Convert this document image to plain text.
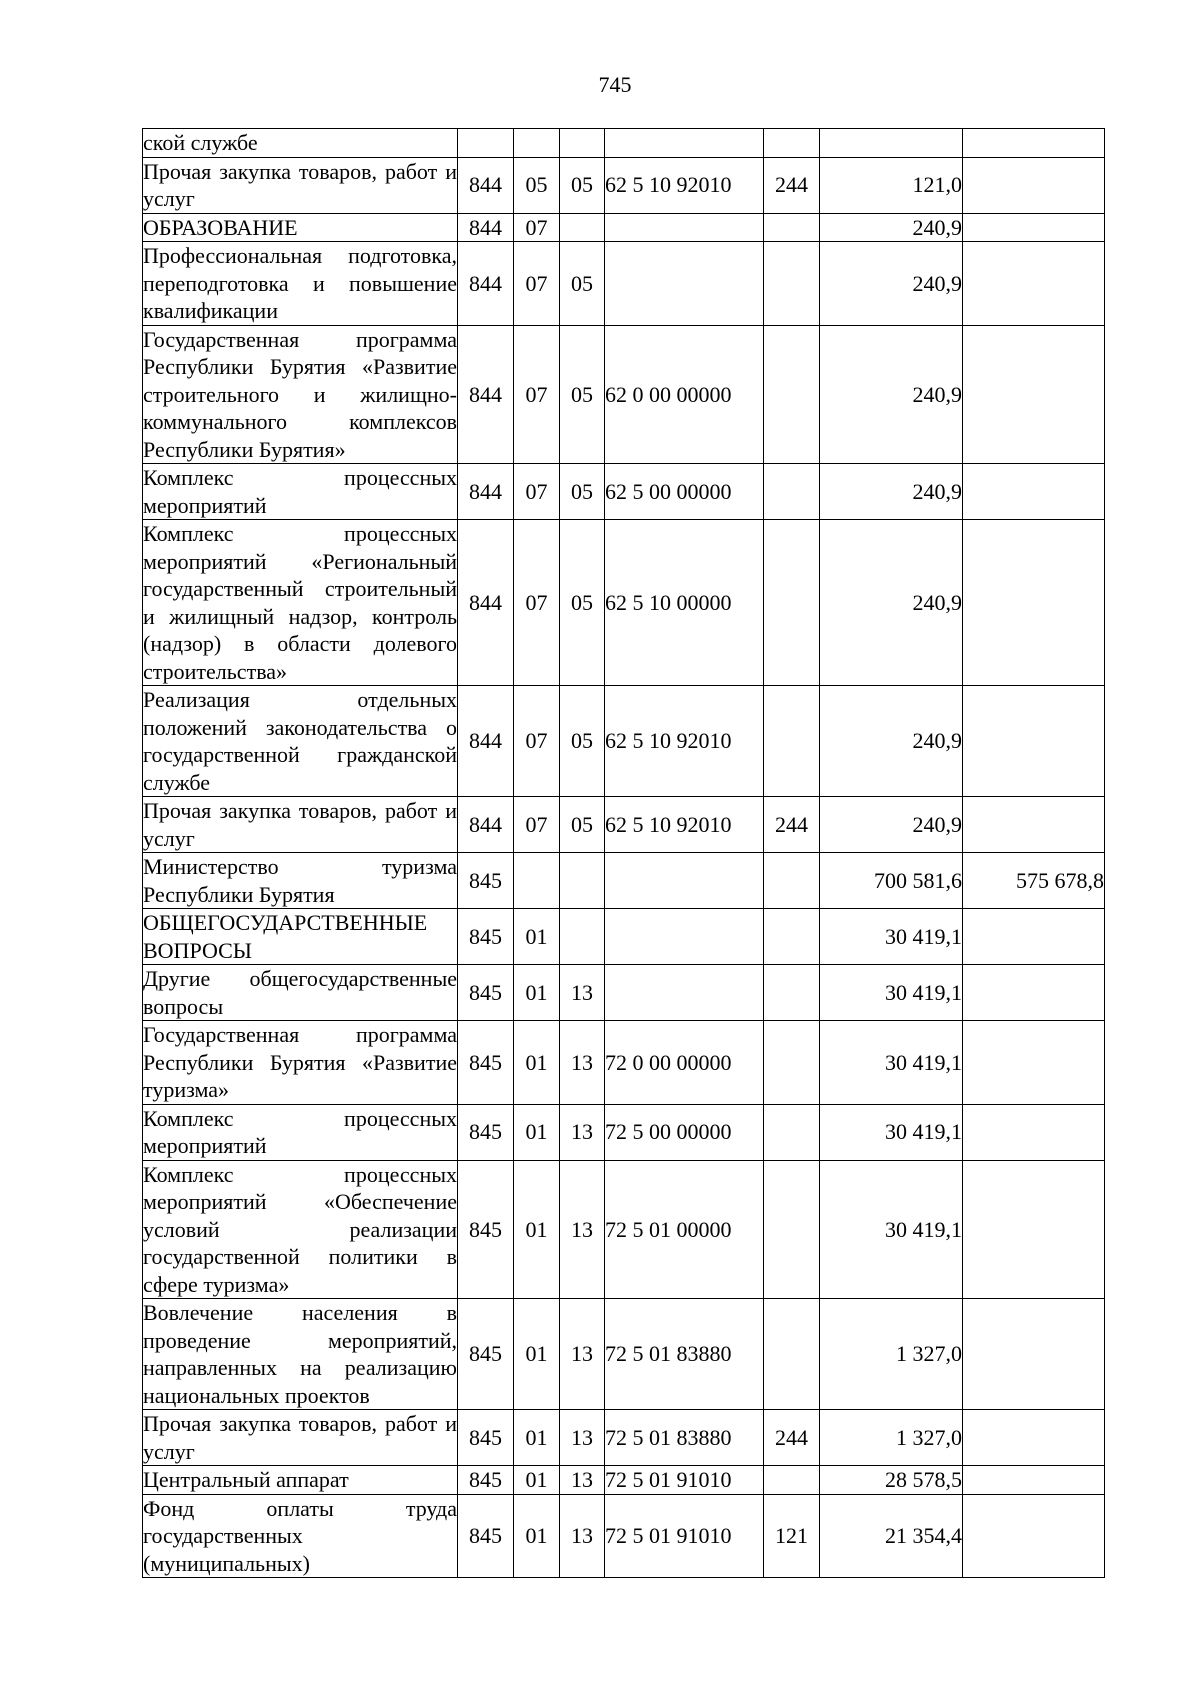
745
ской службе							
Прочая закупка товаров, работ и услуг	844	05	05	62 5 10 92010	244	121,0	
ОБРАЗОВАНИЕ	844	07				240,9	
Профессиональная подготовка, переподготовка и повышение квалификации	844	07	05			240,9	
Государственная программа Республики Бурятия «Развитие строительного и жилищно-коммунального комплексов Республики Бурятия»	844	07	05	62 0 00 00000		240,9	
Комплекс процессных мероприятий	844	07	05	62 5 00 00000		240,9	
Комплекс процессных мероприятий «Региональный государственный строительный и жилищный надзор, контроль (надзор) в области долевого строительства»	844	07	05	62 5 10 00000		240,9	
Реализация отдельных положений законодательства о государственной гражданской службе	844	07	05	62 5 10 92010		240,9	
Прочая закупка товаров, работ и услуг	844	07	05	62 5 10 92010	244	240,9	
Министерство туризма Республики Бурятия	845					700 581,6	575 678,8
ОБЩЕГОСУДАРСТВЕННЫЕ ВОПРОСЫ	845	01				30 419,1	
Другие общегосударственные вопросы	845	01	13			30 419,1	
Государственная программа Республики Бурятия «Развитие туризма»	845	01	13	72 0 00 00000		30 419,1	
Комплекс процессных мероприятий	845	01	13	72 5 00 00000		30 419,1	
Комплекс процессных мероприятий «Обеспечение условий реализации государственной политики в сфере туризма»	845	01	13	72 5 01 00000		30 419,1	
Вовлечение населения в проведение мероприятий, направленных на реализацию национальных проектов	845	01	13	72 5 01 83880		1 327,0	
Прочая закупка товаров, работ и услуг	845	01	13	72 5 01 83880	244	1 327,0	
Центральный аппарат	845	01	13	72 5 01 91010		28 578,5	
Фонд оплаты труда государственных (муниципальных)	845	01	13	72 5 01 91010	121	21 354,4	
